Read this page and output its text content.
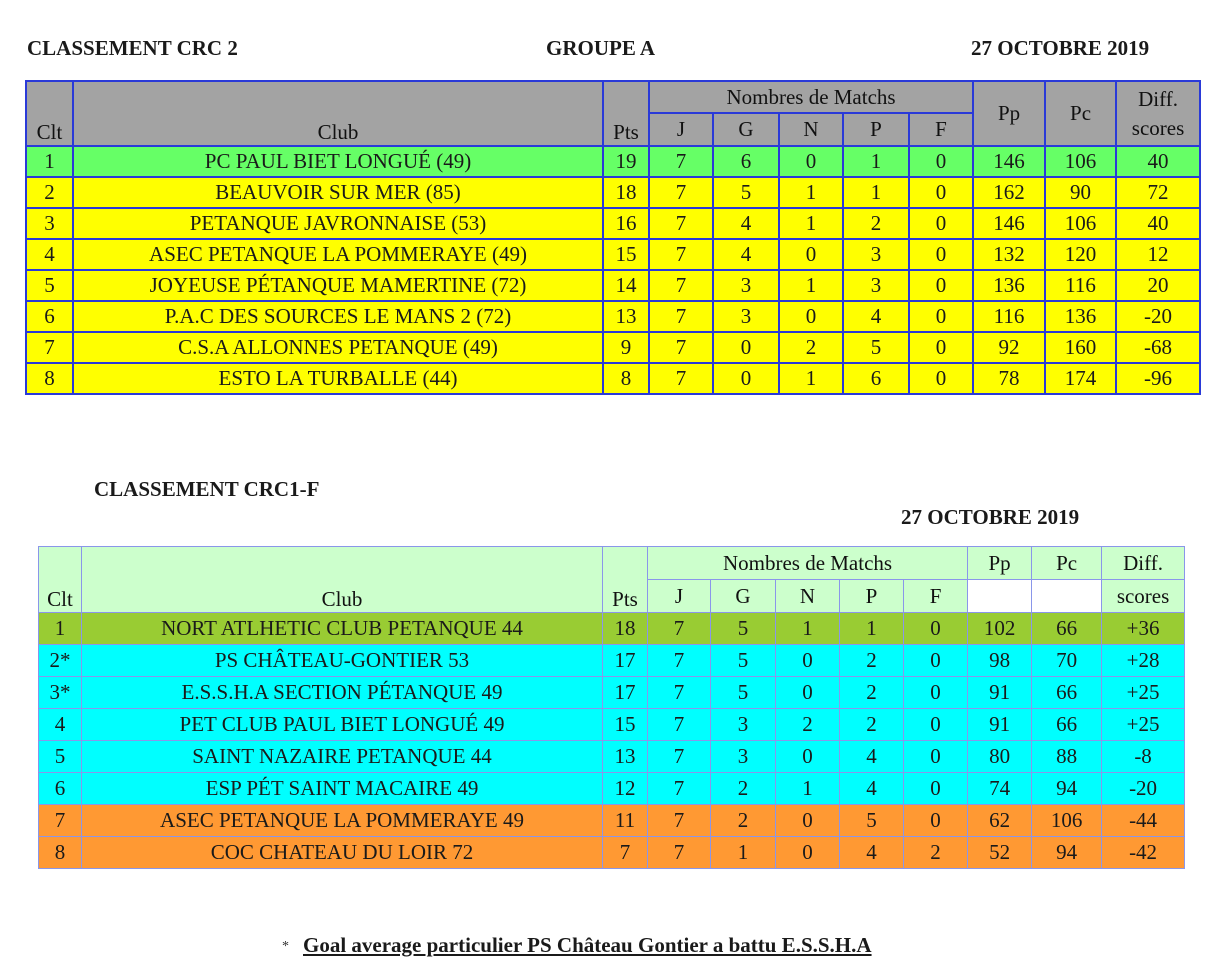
CLASSEMENT CRC 2	GROUPE A	27 OCTOBRE 2019
Clt	Club	Pts	Nombres de Matchs					Pp	Pc	Diff.
scores
			J	G	N	P	F			
1	PC PAUL BIET LONGUÉ (49)	19	7	6	0	1	0	146	106	40
2	BEAUVOIR SUR MER (85)	18	7	5	1	1	0	162	90	72
3	PETANQUE JAVRONNAISE (53)	16	7	4	1	2	0	146	106	40
4	ASEC PETANQUE LA POMMERAYE (49)	15	7	4	0	3	0	132	120	12
5	JOYEUSE PÉTANQUE MAMERTINE (72)	14	7	3	1	3	0	136	116	20
6	P.A.C DES SOURCES LE MANS 2 (72)	13	7	3	0	4	0	116	136	-20
7	C.S.A ALLONNES PETANQUE (49)	9	7	0	2	5	0	92	160	-68
8	ESTO LA TURBALLE (44)	8	7	0	1	6	0	78	174	-96
CLASSEMENT CRC1-F
27 OCTOBRE 2019
Clt	Club	Pts	Nombres de Matchs					Pp	Pc	Diff.
			J	G	N	P	F			scores
1	NORT ATLHETIC CLUB PETANQUE 44	18	7	5	1	1	0	102	66	+36
2*	PS CHÂTEAU-GONTIER 53	17	7	5	0	2	0	98	70	+28
3*	E.S.S.H.A SECTION PÉTANQUE 49	17	7	5	0	2	0	91	66	+25
4	PET CLUB PAUL BIET LONGUÉ 49	15	7	3	2	2	0	91	66	+25
5	SAINT NAZAIRE PETANQUE 44	13	7	3	0	4	0	80	88	-8
6	ESP PÉT SAINT MACAIRE 49	12	7	2	1	4	0	74	94	-20
7	ASEC PETANQUE LA POMMERAYE 49	11	7	2	0	5	0	62	106	-44
8	COC CHATEAU DU LOIR 72	7	7	1	0	4	2	52	94	-42
* Goal average particulier PS Château Gontier a battu E.S.S.H.A
